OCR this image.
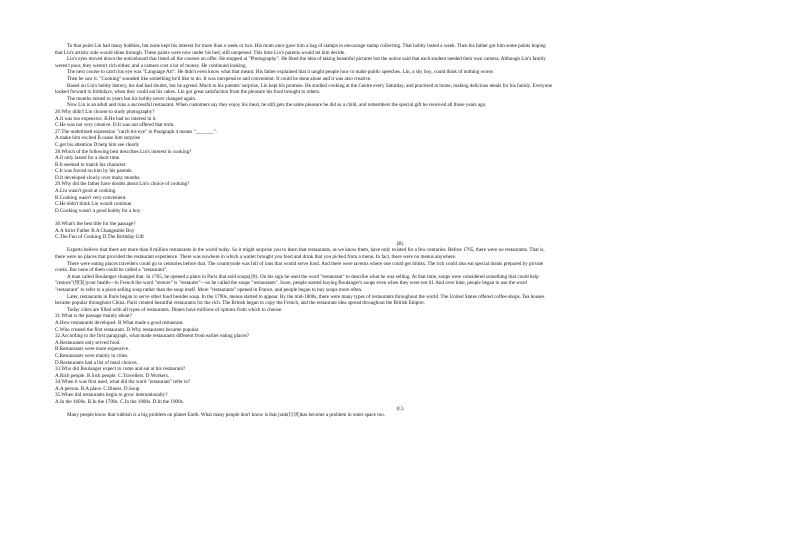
To that point Lin had many hobbies, but none kept his interest for more than a week or two. His mum once gave him a bag of stamps to encourage stamp collecting. That hobby lasted a week. Then his father got him some paints hoping
that Lin's artistic side would shine through. These paints were now under his bed, still unopened. This time Lin's parents would let him decide.
Lin's eyes moved down the noticeboard that listed all the courses on offer. He stopped at "Photography". He liked the idea of taking beautiful pictures but the notice said that each student needed their own camera. Although Lin's family
weren't poor, they weren't rich either, and a camera cost a lot of money. He continued looking.
The next course to catch his eye was "Language Art". He didn't even know what that meant. His father explained that it taught people how to make public speeches. Lin, a shy boy, could think of nothing worse.
Then he saw it. "Cooking" sounded like something he'd like to do. It was inexpensive and convenient. It could be done alone and it was also creative.
Based on Lin's hobby history, his dad had doubts, but he agreed. Much to his parents' surprise, Lin kept his promise. He studied cooking at the Centre every Saturday, and practised at home, making delicious meals for his family. Everyone
looked forward to birthdays, when they could eat his cakes. Lin got great satisfaction from the pleasure his food brought to others.
The months turned to years but his hobby never changed again.
Now Lin is an adult and runs a successful restaurant. When customers say they enjoy his meal, he still gets the same pleasure he did as a child, and remembers the special gift he received all those years ago.
26.Why didn't Lin choose to study photography?
A.It was too expensive. B.He had no interest in it.
C.He was not very creative. D.It was not offered that term.
27.The underlined expression "catch his eye" in Paragraph 4 means "_______".
A.make him excited B.cause him surprise
C.get his attention D.help him see clearly
28.Which of the following best describes Lin's interest in cooking?
A.It only lasted for a short time.
B.It seemed to match his character.
C.It was forced on him by his parents.
D.It developed slowly over many months.
29.Why did the father have doubts about Lin's choice of cooking?
A.Lin wasn't good at cooking.
B.Cooking wasn't very convenient.
C.He didn't think Lin would continue.
D.Cooking wasn't a good hobby for a boy.
30.What's the best title for the passage?
A.A Strict Father B.A Changeable Boy
C.The Fun of Cooking D.The Birthday Gift
(B)
Experts believe that there are more than 8 million restaurants in the world today. So it might surprise you to learn that restaurants, as we know them, have only existed for a few centuries. Before 1765, there were no restaurants. That is,
there were no places that provided the restaurant experience. There was nowhere in which a waiter brought you food and drink that you picked from a menu. In fact, there were no menus anywhere.
There were eating places travellers could go to centuries before that. The countryside was full of inns that would serve food. And there were taverns where one could get drinks. The rich could also eat special meals prepared by private
cooks. But none of them could be called a "restaurant".
A man called Boulanger changed that. In 1765, he opened a place in Paris that sold soups(汤). On his sign he used the word "restaurant" to describe what he was selling. At that time, soups were considered something that could help
"restore"(恢复)your health—in French the word "restore" is "restaurer"—so he called the soups "restaurants". Soon, people started buying Boulanger's soups even when they were not ill. And over time, people began to use the word
"restaurant" to refer to a place selling soup rather than the soup itself. More "restaurants" opened in France, and people began to buy soups more often.
Later, restaurants in Paris began to serve other food besides soup. In the 1790s, menus started to appear. By the mid-1800s, there were many types of restaurants throughout the world. The United States offered coffee shops. Tea houses
became popular throughout China. Paris created beautiful restaurants for the rich. The British began to copy the French, and the restaurant idea spread throughout the British Empire.
Today cities are filled with all types of restaurants. Diners have millions of options from which to choose.
31.What is the passage mainly about?
A.How restaurants developed. B.What made a good restaurant.
C.Who created the first restaurant. D.Why restaurants became popular.
32.According to the first paragraph, what made restaurants different from earlier eating places?
A.Restaurants only served food.
B.Restaurants were more expensive.
C.Restaurants were mainly in cities.
D.Restaurants had a list of meal choices.
33.Who did Boulanger expect to come and eat at his restaurant?
A.Rich people. B.Sick people. C.Travellers. D.Workers.
34.When it was first used, what did the word "restaurant" refer to?
A.A person. B.A place. C.Illness. D.Soup.
35.When did restaurants begin to grow internationally?
A.In the 1600s. B.In the 1700s. C.In the 1800s. D.In the 1900s.
(C)
Many people know that rubbish is a big problem on planet Earth. What many people don't know is that junk(垃圾)has become a problem in outer space too.
